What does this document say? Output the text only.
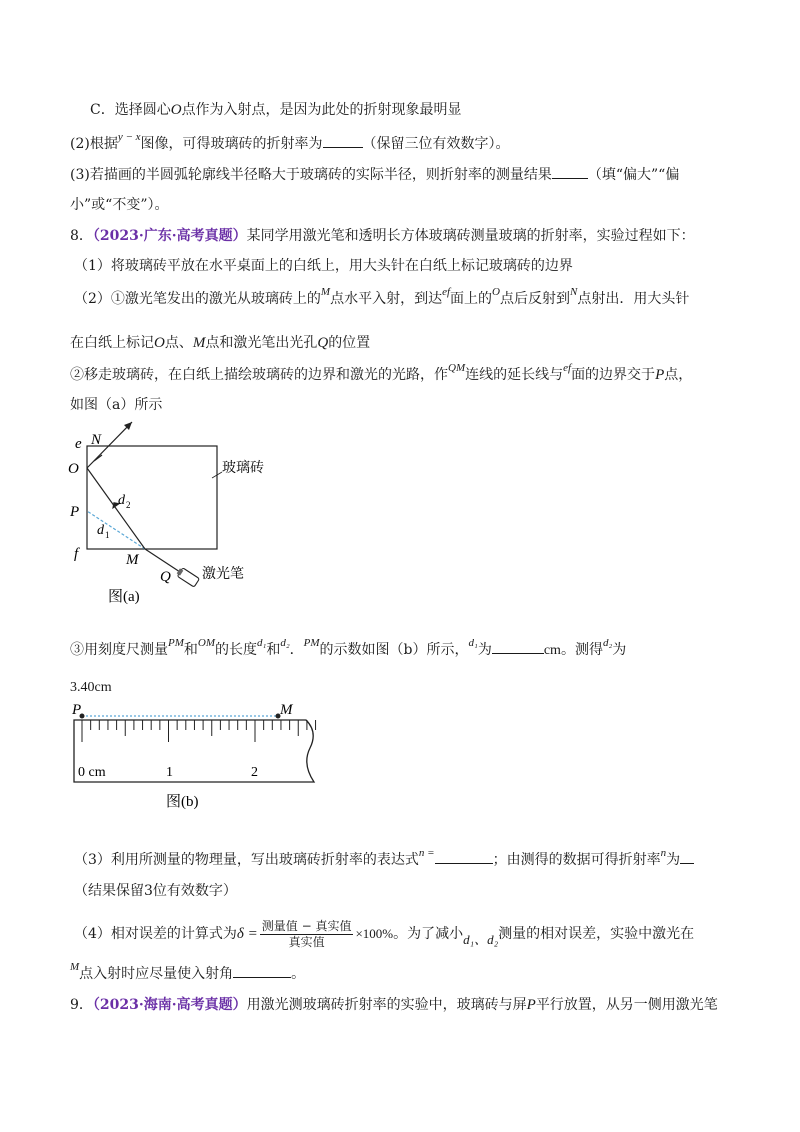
C．选择圆心O点作为入射点，是因为此处的折射现象最明显
(2)根据$^{y - x}$图像，可得玻璃砖的折射率为	（保留三位有效数字）。
(3)若描画的半圆弧轮廓线半径略大于玻璃砖的实际半径，则折射率的测量结果	（填“偏大”“偏
小”或“不变”）。
8．（2023·广东·高考真题）某同学用激光笔和透明长方体玻璃砖测量玻璃的折射率，实验过程如下：
（1）将玻璃砖平放在水平桌面上的白纸上，用大头针在白纸上标记玻璃砖的边界
（2）①激光笔发出的激光从玻璃砖上的$^M$点水平入射，到达$^{ef}$面上的$^O$点后反射到$^N$点射出．用大头针
在白纸上标记O点、M点和激光笔出光孔Q的位置
②移走玻璃砖，在白纸上描绘玻璃砖的边界和激光的光路，作$^{QM}$连线的延长线与$^{ef}$面的边界交于P点，
如图（a）所示
e N
O
P
f	M
Q
d 1
d 2
玻璃砖
激光笔
图(a)
③用刻度尺测量$^{PM}$和$^{OM}$的长度$^{d_1}$和$^{d_2}$．$^{PM}$的示数如图（b）所示，$^{d_1}$为	cm。测得$^{d_2}$为
3.40cm
P	M
0 cm	1	2
图(b)
（3）利用所测量的物理量，写出玻璃砖折射率的表达式$^{n =}$	；由测得的数据可得折射率$^n$为
（结果保留3位有效数字）
（4）相对误差的计算式为$\delta = \frac{\text{测量值 − 真实值}}{\text{真实值}} \times 100\%$。为了减小d₁、d₂测量的相对误差，实验中激光在
$^M$点入射时应尽量使入射角	。
9．（2023·海南·高考真题）用激光测玻璃砖折射率的实验中，玻璃砖与屏P平行放置，从另一侧用激光笔
